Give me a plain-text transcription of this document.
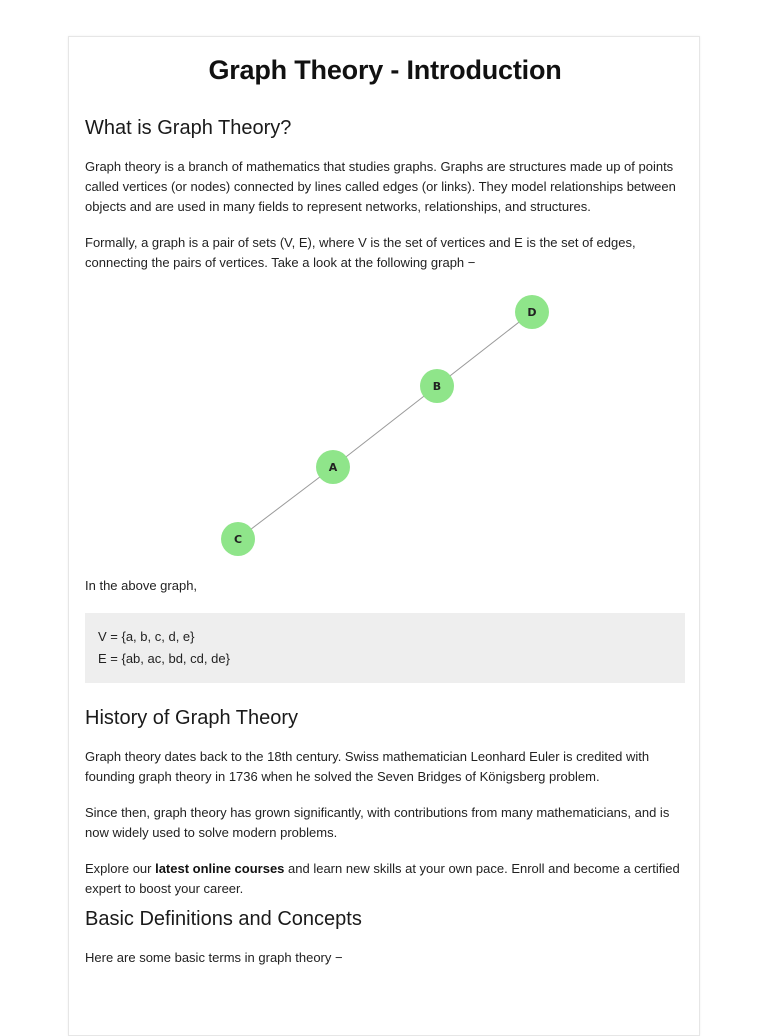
Graph Theory - Introduction
What is Graph Theory?

Graph theory is a branch of mathematics that studies graphs. Graphs are structures made up of points called vertices (or nodes) connected by lines called edges (or links). They model relationships between objects and are used in many fields to represent networks, relationships, and structures.

Formally, a graph is a pair of sets (V, E), where V is the set of vertices and E is the set of edges, connecting the pairs of vertices. Take a look at the following graph −

D
B
A
C

In the above graph,

V = {a, b, c, d, e}
E = {ab, ac, bd, cd, de}
History of Graph Theory

Graph theory dates back to the 18th century. Swiss mathematician Leonhard Euler is credited with founding graph theory in 1736 when he solved the Seven Bridges of Königsberg problem.

Since then, graph theory has grown significantly, with contributions from many mathematicians, and is now widely used to solve modern problems.

Explore our latest online courses and learn new skills at your own pace. Enroll and become a certified expert to boost your career.

Basic Definitions and Concepts

Here are some basic terms in graph theory −
